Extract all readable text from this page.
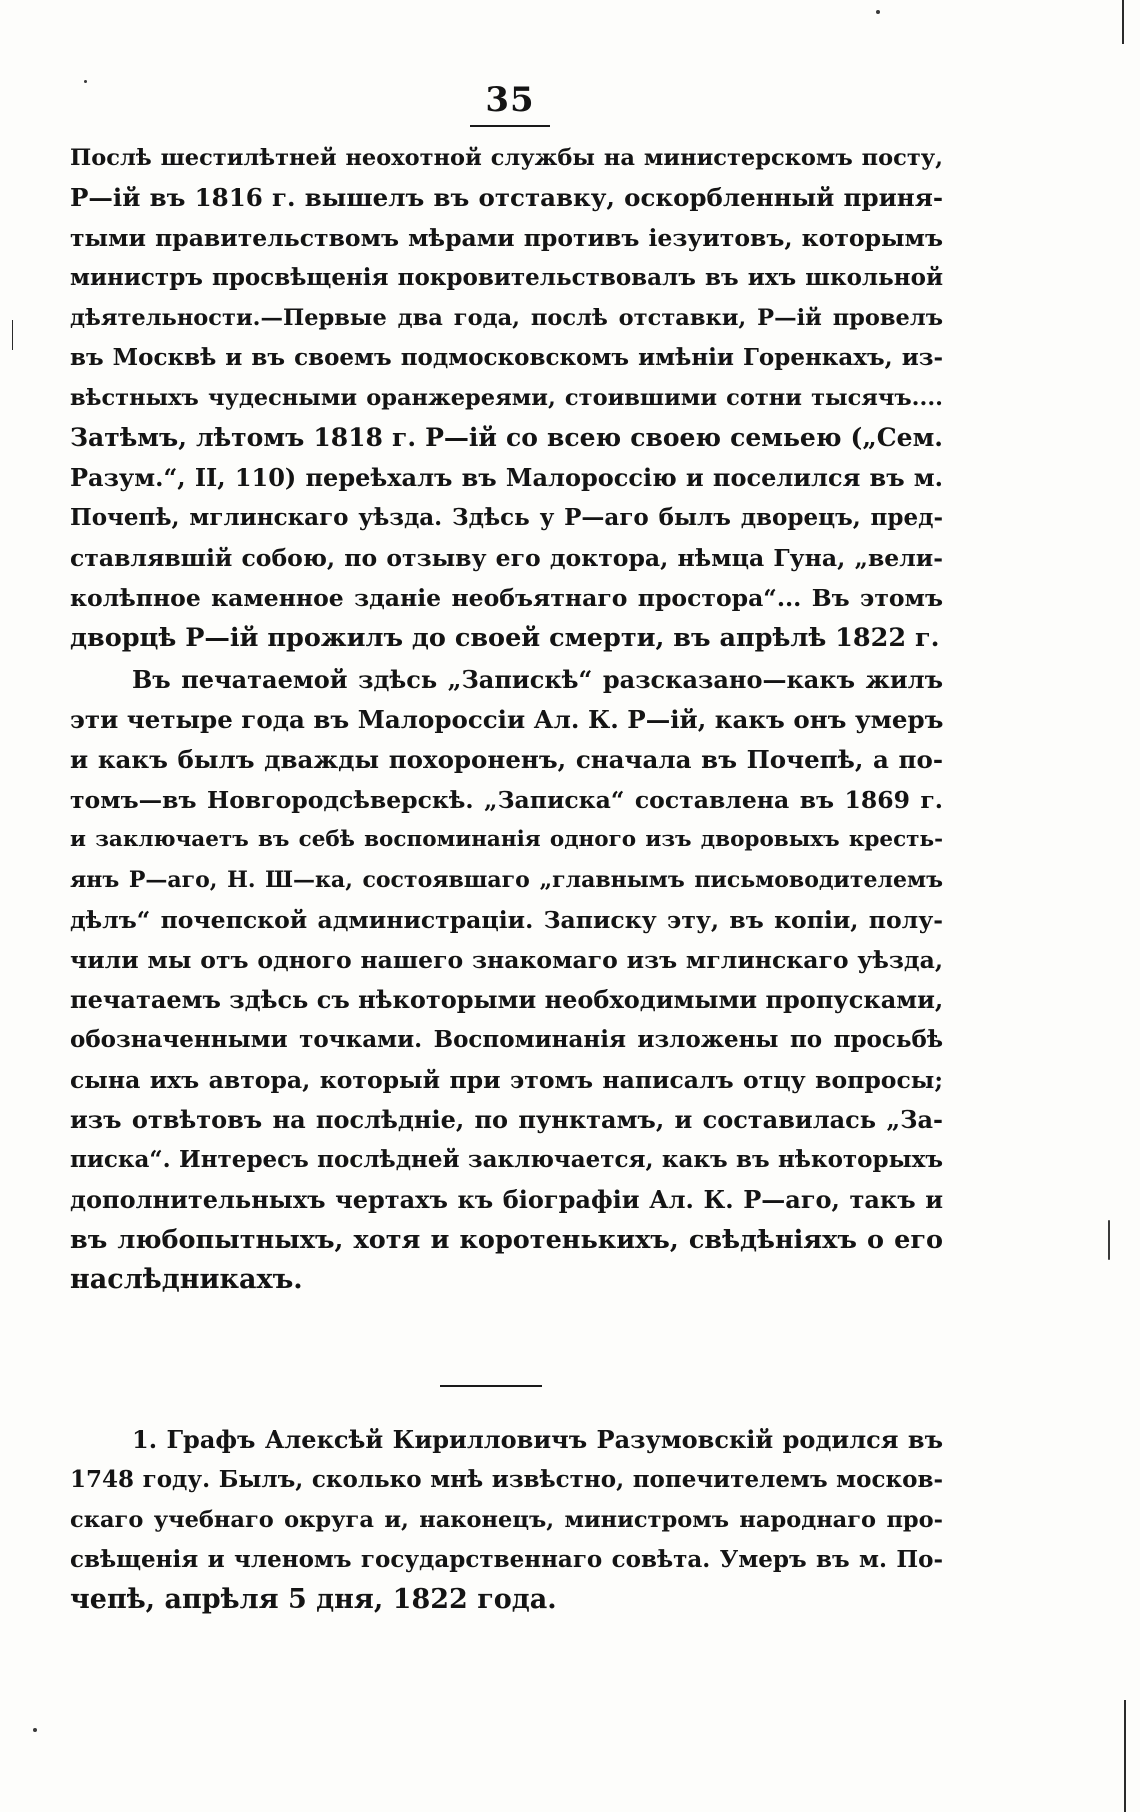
35
Послѣ шестилѣтней неохотной службы на министерскомъ посту,
Р—ій въ 1816 г. вышелъ въ отставку, оскорбленный приня-
тыми правительствомъ мѣрами противъ іезуитовъ, которымъ
министръ просвѣщенія покровительствовалъ въ ихъ школьной
дѣятельности.—Первые два года, послѣ отставки, Р—ій провелъ
въ Москвѣ и въ своемъ подмосковскомъ имѣніи Горенкахъ, из-
вѣстныхъ чудесными оранжереями, стоившими сотни тысячъ....
Затѣмъ, лѣтомъ 1818 г. Р—ій со всею своею семьею („Сем.
Разум.“, II, 110) переѣхалъ въ Малороссію и поселился въ м.
Почепѣ, мглинскаго уѣзда. Здѣсь у Р—аго былъ дворецъ, пред-
ставлявшій собою, по отзыву его доктора, нѣмца Гуна, „вели-
колѣпное каменное зданіе необъятнаго простора“... Въ этомъ
дворцѣ Р—ій прожилъ до своей смерти, въ апрѣлѣ 1822 г.
Въ печатаемой здѣсь „Запискѣ“ разсказано—какъ жилъ
эти четыре года въ Малороссіи Ал. К. Р—ій, какъ онъ умеръ
и какъ былъ дважды похороненъ, сначала въ Почепѣ, а по-
томъ—въ Новгородсѣверскѣ. „Записка“ составлена въ 1869 г.
и заключаетъ въ себѣ воспоминанія одного изъ дворовыхъ кресть-
янъ Р—аго, Н. Ш—ка, состоявшаго „главнымъ письмоводителемъ
дѣлъ“ почепской администраціи. Записку эту, въ копіи, полу-
чили мы отъ одного нашего знакомаго изъ мглинскаго уѣзда,
печатаемъ здѣсь съ нѣкоторыми необходимыми пропусками,
обозначенными точками. Воспоминанія изложены по просьбѣ
сына ихъ автора, который при этомъ написалъ отцу вопросы;
изъ отвѣтовъ на послѣдніе, по пунктамъ, и составилась „За-
писка“. Интересъ послѣдней заключается, какъ въ нѣкоторыхъ
дополнительныхъ чертахъ къ біографіи Ал. К. Р—аго, такъ и
въ любопытныхъ, хотя и коротенькихъ, свѣдѣніяхъ о его
наслѣдникахъ.
1. Графъ Алексѣй Кирилловичъ Разумовскій родился въ
1748 году. Былъ, сколько мнѣ извѣстно, попечителемъ москов-
скаго учебнаго округа и, наконецъ, министромъ народнаго про-
свѣщенія и членомъ государственнаго совѣта. Умеръ въ м. По-
чепѣ, апрѣля 5 дня, 1822 года.
